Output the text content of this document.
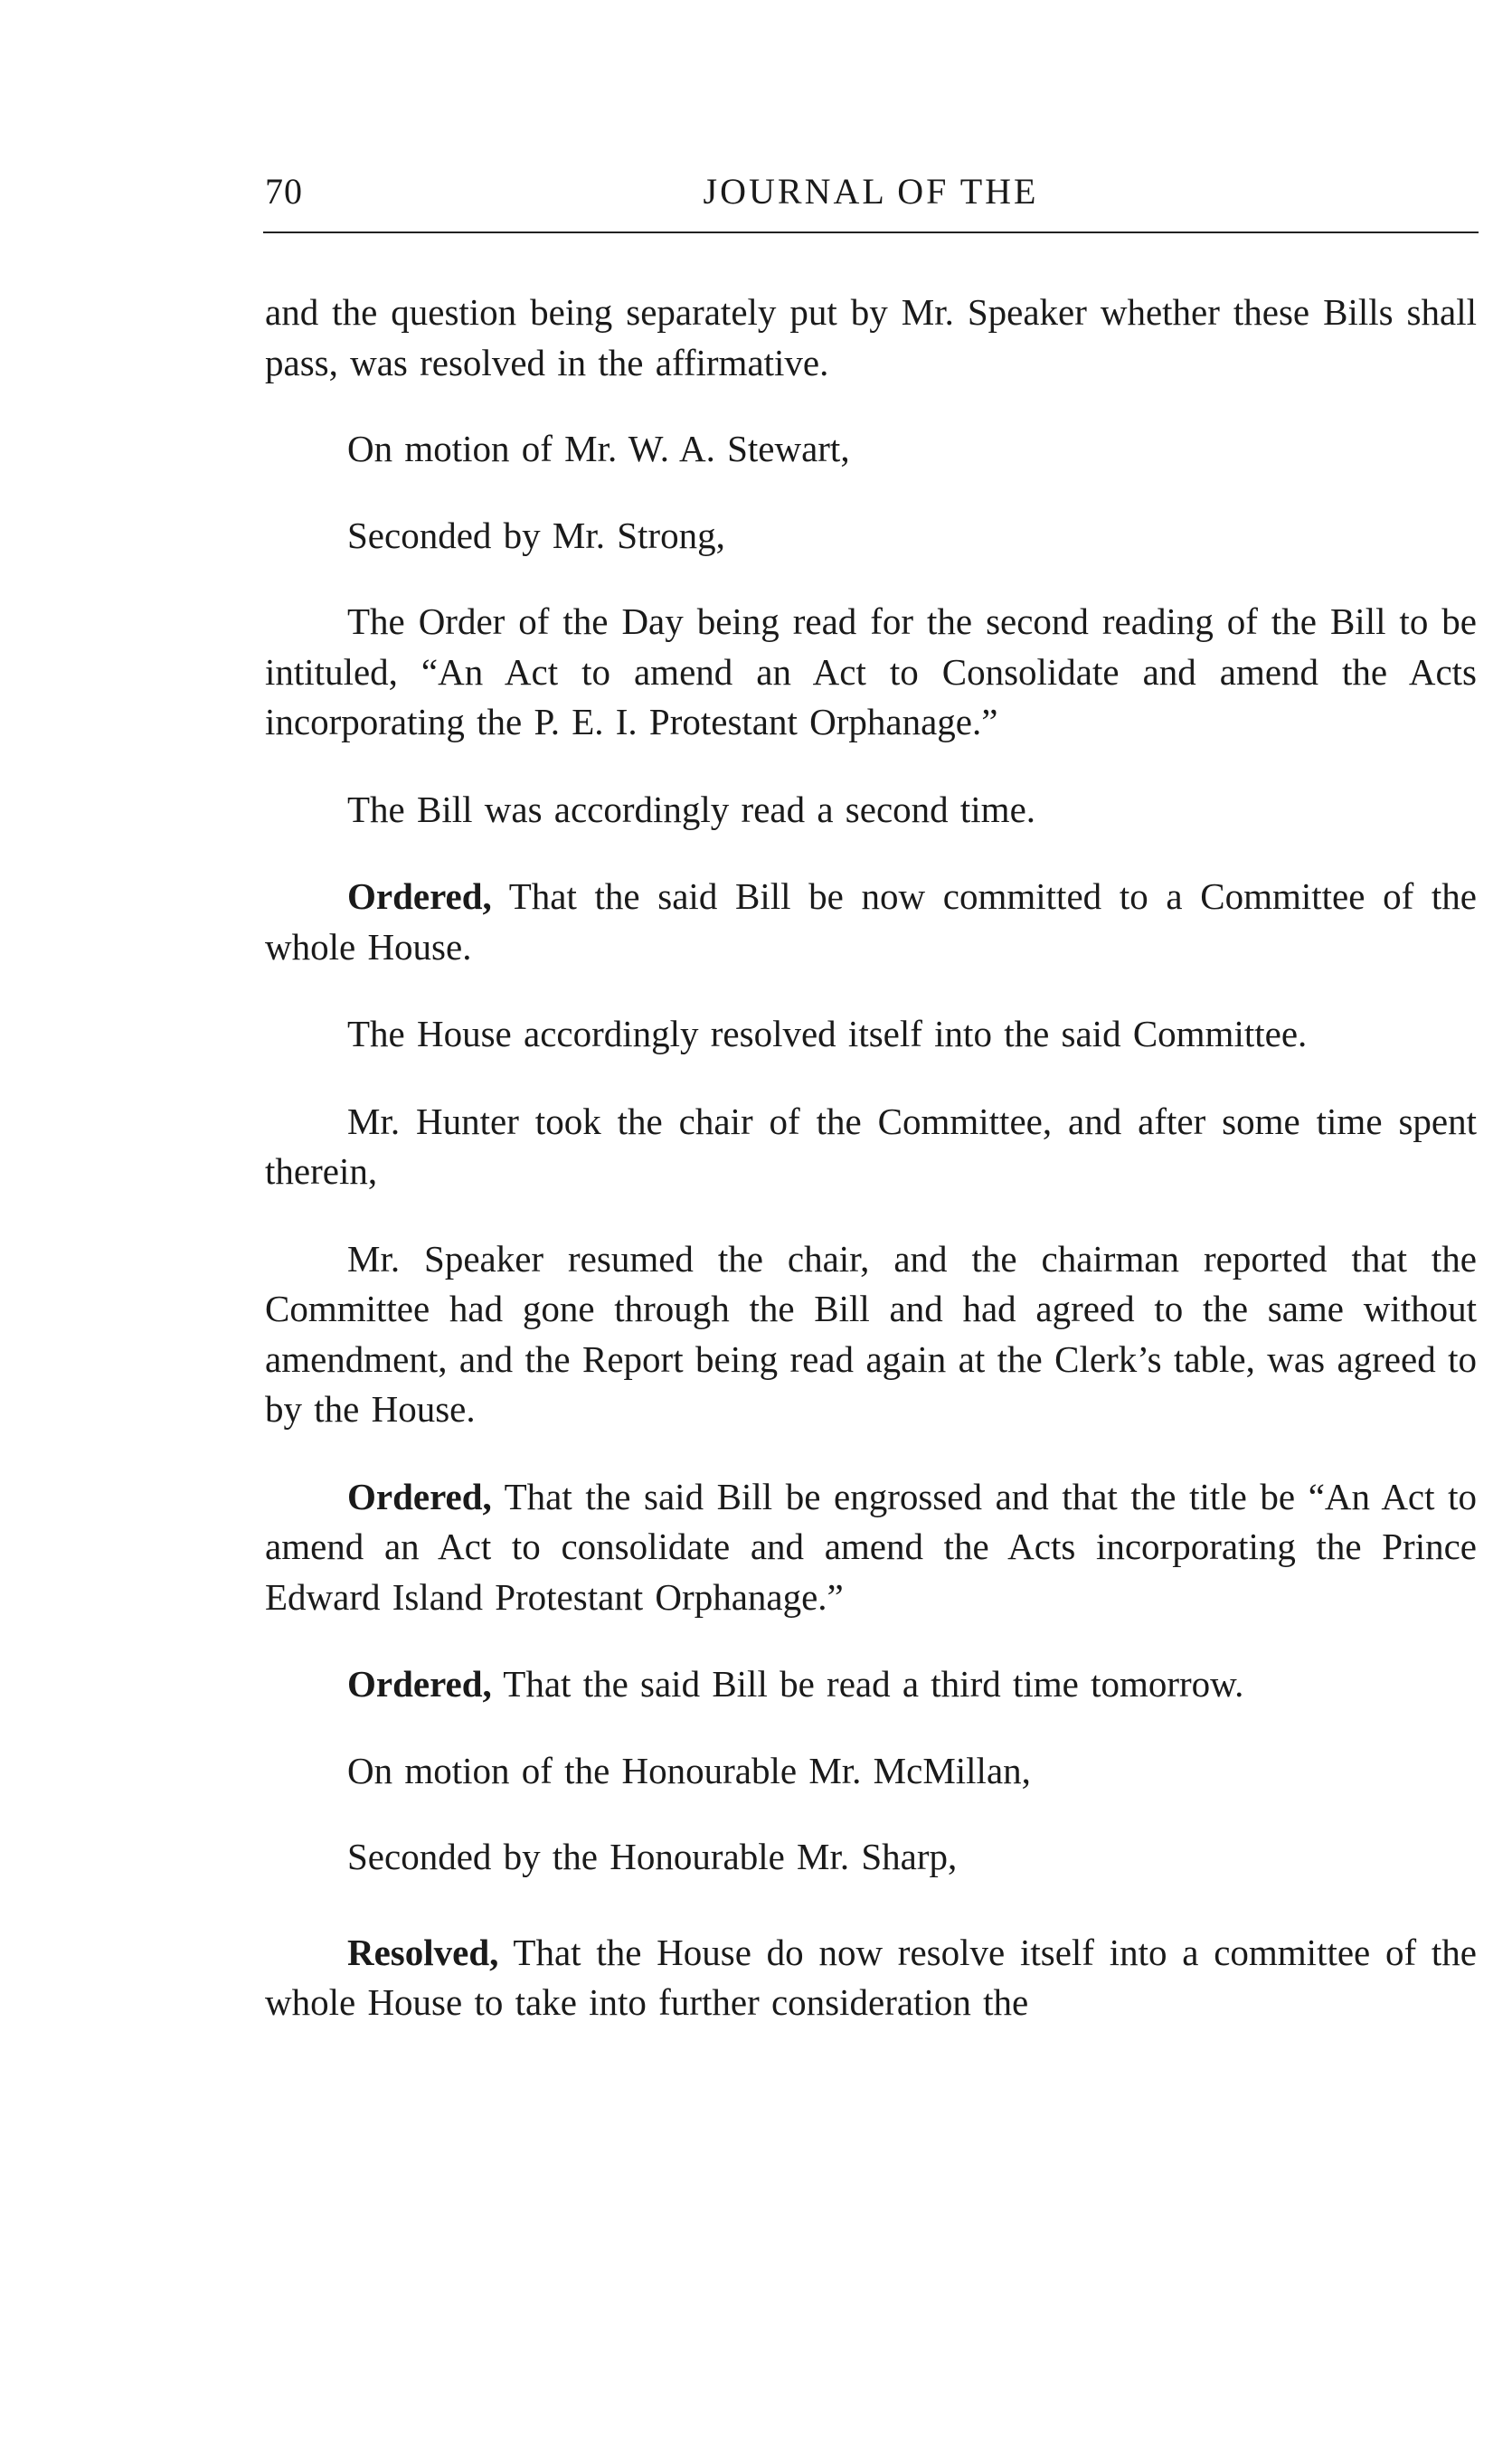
70	JOURNAL OF THE

and the question being separately put by Mr. Speaker whether these Bills shall pass, was resolved in the affirmative.

On motion of Mr. W. A. Stewart,

Seconded by Mr. Strong,

The Order of the Day being read for the second reading of the Bill to be intituled, “An Act to amend an Act to Consolidate and amend the Acts incorporating the P. E. I. Protestant Orphanage.”

The Bill was accordingly read a second time.

Ordered, That the said Bill be now committed to a Committee of the whole House.

The House accordingly resolved itself into the said Committee.

Mr. Hunter took the chair of the Committee, and after some time spent therein,

Mr. Speaker resumed the chair, and the chairman reported that the Committee had gone through the Bill and had agreed to the same without amendment, and the Report being read again at the Clerk’s table, was agreed to by the House.

Ordered, That the said Bill be engrossed and that the title be “An Act to amend an Act to consolidate and amend the Acts incorporating the Prince Edward Island Protestant Orphanage.”

Ordered, That the said Bill be read a third time tomorrow.

On motion of the Honourable Mr. McMillan,

Seconded by the Honourable Mr. Sharp,

Resolved, That the House do now resolve itself into a committee of the whole House to take into further consideration the
